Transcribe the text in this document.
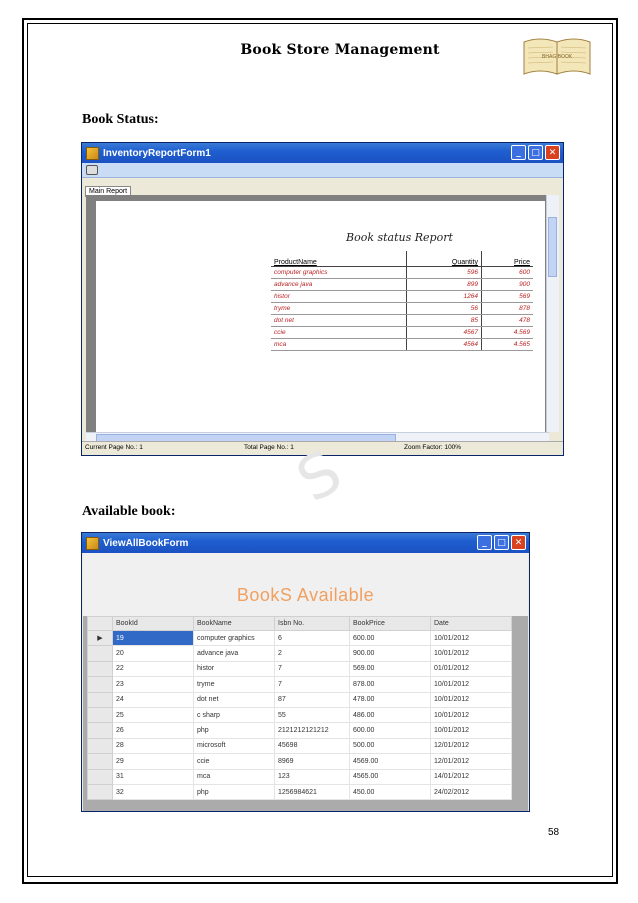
Book Store Management	BHAGIBOOK
Book Status:
InventoryReportForm1	_	□ ✕
Main Report
Book status Report
ProductName	Quantity	Price
computer graphics	596	600
advance java	899	900
histor	1264	569
tryme	56	878
dot net	85	478
ccie	4567	4.569
mca	4564	4.565
Current Page No.: 1	Total Page No.: 1	Zoom Factor: 100%
S
Available book:
ViewAllBookForm	_	□ ✕
BookS Available
	BookId	BookName	Isbn No.	BookPrice	Date
▶	19	computer graphics	6	600.00	10/01/2012
	20	advance java	2	900.00	10/01/2012
	22	histor	7	569.00	01/01/2012
	23	tryme	7	878.00	10/01/2012
	24	dot net	87	478.00	10/01/2012
	25	c sharp	55	486.00	10/01/2012
	26	php	2121212121212	600.00	10/01/2012
	28	microsoft	45698	500.00	12/01/2012
	29	ccie	8969	4569.00	12/01/2012
	31	mca	123	4565.00	14/01/2012
	32	php	1256984621	450.00	24/02/2012
58
